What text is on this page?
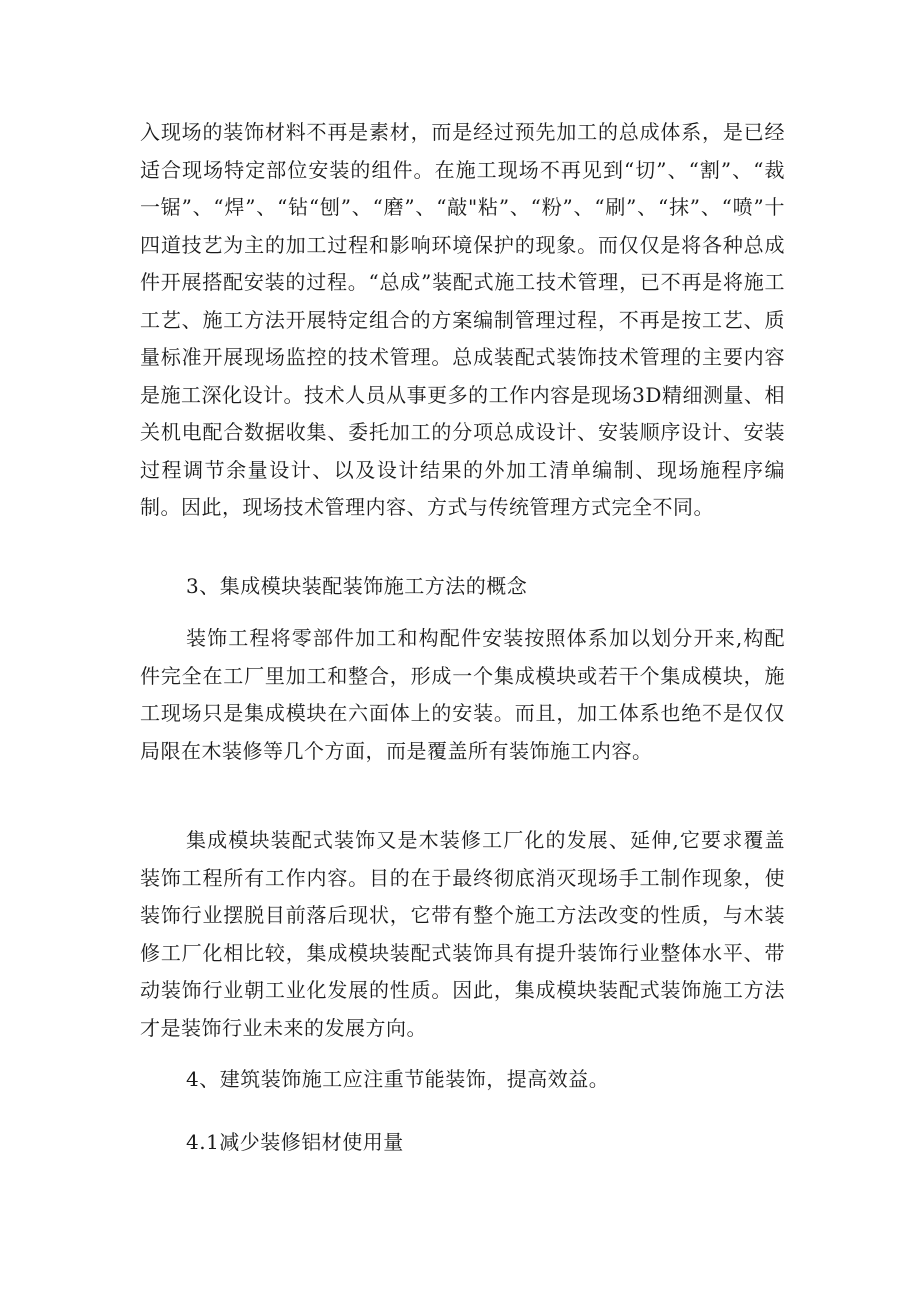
入现场的装饰材料不再是素材，而是经过预先加工的总成体系，是已经适合现场特定部位安装的组件。在施工现场不再见到“切”、“割”、“裁一锯”、“焊”、“钻“刨”、“磨”、“敲"粘”、“粉”、“刷”、“抹”、“喷”十四道技艺为主的加工过程和影响环境保护的现象。而仅仅是将各种总成件开展搭配安装的过程。“总成”装配式施工技术管理，已不再是将施工工艺、施工方法开展特定组合的方案编制管理过程，不再是按工艺、质量标准开展现场监控的技术管理。总成装配式装饰技术管理的主要内容是施工深化设计。技术人员从事更多的工作内容是现场3D精细测量、相关机电配合数据收集、委托加工的分项总成设计、安装顺序设计、安装过程调节余量设计、以及设计结果的外加工清单编制、现场施程序编制。因此，现场技术管理内容、方式与传统管理方式完全不同。

3、集成模块装配装饰施工方法的概念

装饰工程将零部件加工和构配件安装按照体系加以划分开来,构配件完全在工厂里加工和整合，形成一个集成模块或若干个集成模块，施工现场只是集成模块在六面体上的安装。而且，加工体系也绝不是仅仅局限在木装修等几个方面，而是覆盖所有装饰施工内容。

集成模块装配式装饰又是木装修工厂化的发展、延伸,它要求覆盖装饰工程所有工作内容。目的在于最终彻底消灭现场手工制作现象，使装饰行业摆脱目前落后现状，它带有整个施工方法改变的性质，与木装修工厂化相比较，集成模块装配式装饰具有提升装饰行业整体水平、带动装饰行业朝工业化发展的性质。因此，集成模块装配式装饰施工方法才是装饰行业未来的发展方向。

4、建筑装饰施工应注重节能装饰，提高效益。

4.1减少装修铝材使用量
